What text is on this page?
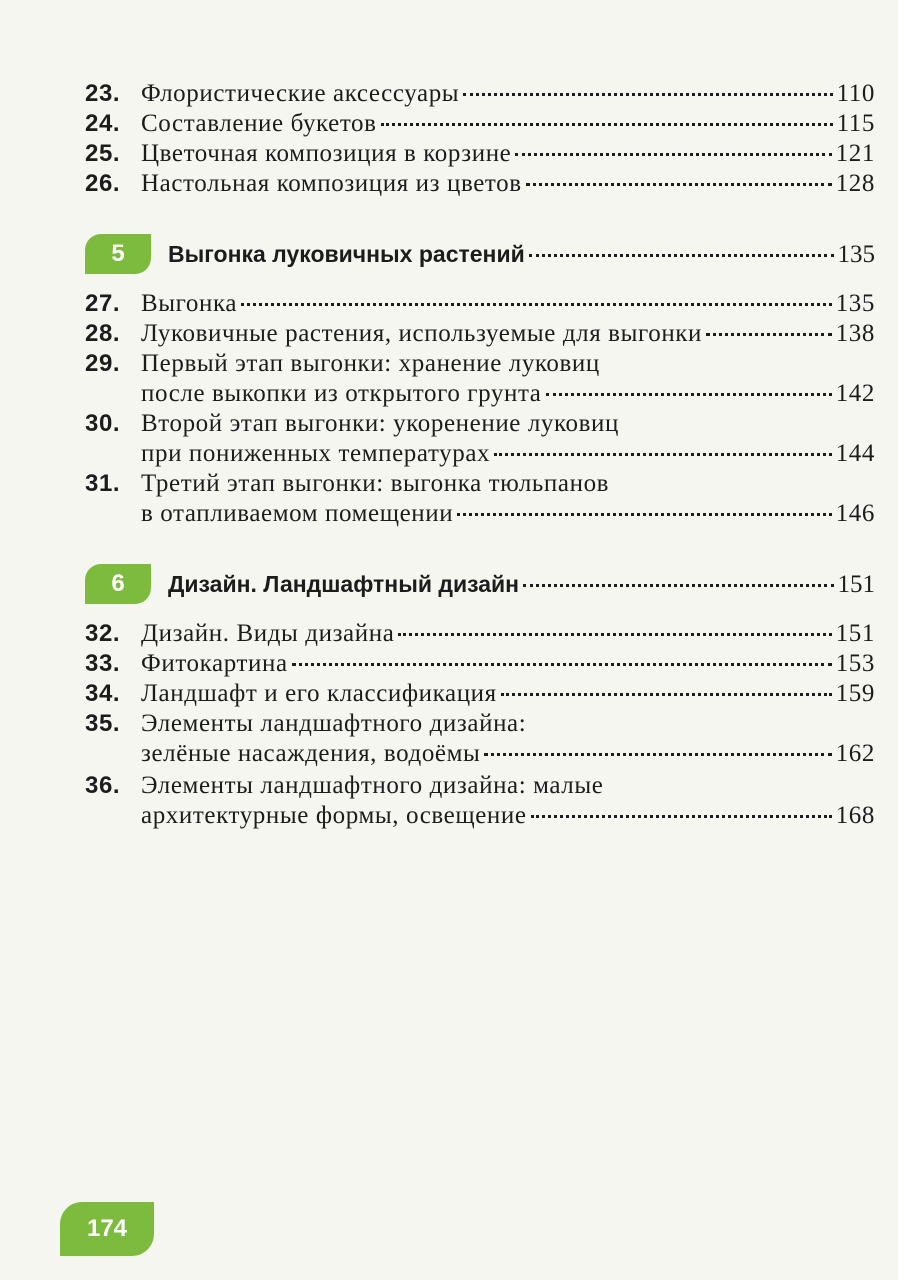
23. Флористические аксессуары	110
24. Составление букетов	115
25. Цветочная композиция в корзине	121
26. Настольная композиция из цветов	128
5	Выгонка луковичных растений	135
27. Выгонка	135
28. Луковичные растения, используемые для выгонки	138
29. Первый этап выгонки: хранение луковиц
после выкопки из открытого грунта	142
30. Второй этап выгонки: укоренение луковиц
при пониженных температурах	144
31. Третий этап выгонки: выгонка тюльпанов
в отапливаемом помещении	146
6	Дизайн. Ландшафтный дизайн	151
32. Дизайн. Виды дизайна	151
33. Фитокартина	153
34. Ландшафт и его классификация	159
35. Элементы ландшафтного дизайна:
зелёные насаждения, водоёмы	162
36. Элементы ландшафтного дизайна: малые
архитектурные формы, освещение	168
174
